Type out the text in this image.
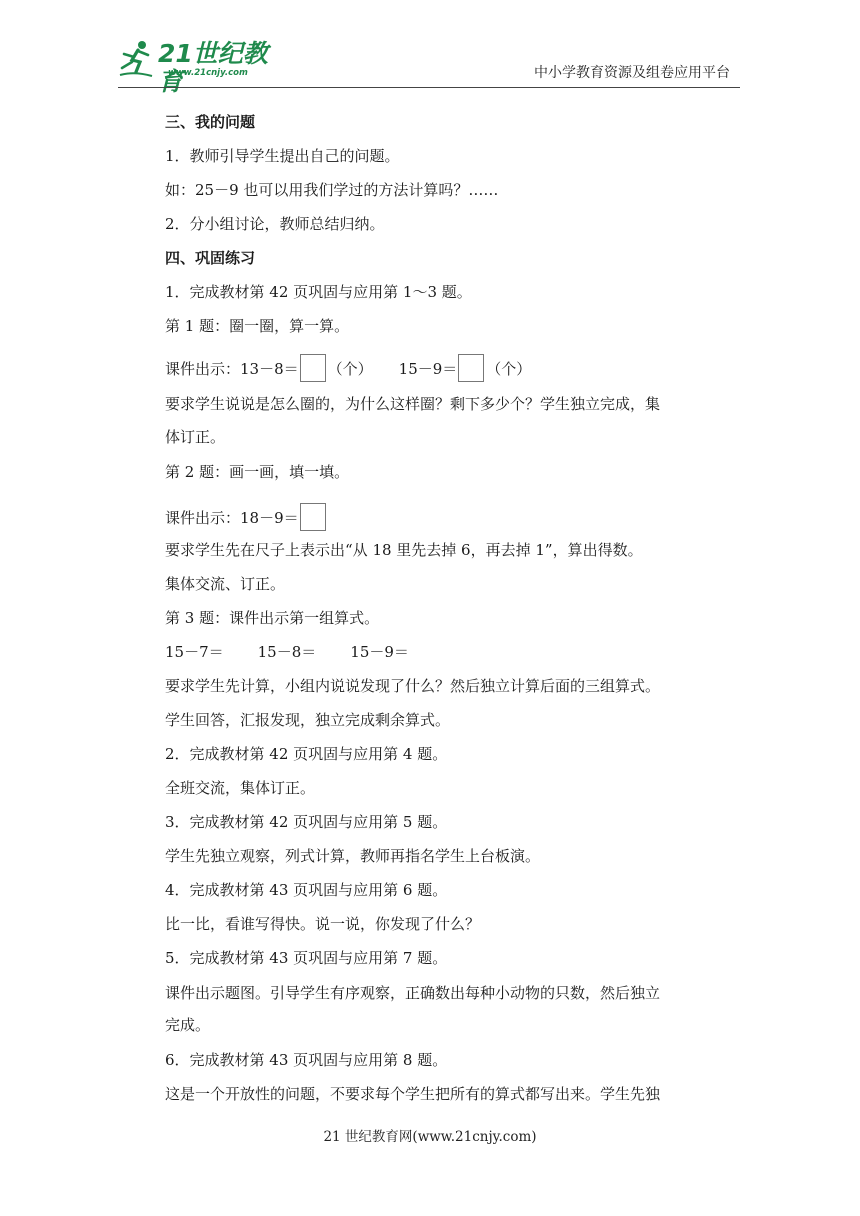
21世纪教育
www.21cnjy.com	中小学教育资源及组卷应用平台
三、我的问题
1．教师引导学生提出自己的问题。
如：25－9 也可以用我们学过的方法计算吗？……
2．分小组讨论，教师总结归纳。
四、巩固练习
1．完成教材第 42 页巩固与应用第 1～3 题。
第 1 题：圈一圈，算一算。
课件出示：13－8＝ （个） 15－9＝ （个）
要求学生说说是怎么圈的，为什么这样圈？剩下多少个？学生独立完成，集
体订正。
第 2 题：画一画，填一填。
课件出示：18－9＝
要求学生先在尺子上表示出“从 18 里先去掉 6，再去掉 1”，算出得数。
集体交流、订正。
第 3 题：课件出示第一组算式。
15－7＝ 15－8＝ 15－9＝
要求学生先计算，小组内说说发现了什么？然后独立计算后面的三组算式。
学生回答，汇报发现，独立完成剩余算式。
2．完成教材第 42 页巩固与应用第 4 题。
全班交流，集体订正。
3．完成教材第 42 页巩固与应用第 5 题。
学生先独立观察，列式计算，教师再指名学生上台板演。
4．完成教材第 43 页巩固与应用第 6 题。
比一比，看谁写得快。说一说，你发现了什么？
5．完成教材第 43 页巩固与应用第 7 题。
课件出示题图。引导学生有序观察，正确数出每种小动物的只数，然后独立
完成。
6．完成教材第 43 页巩固与应用第 8 题。
这是一个开放性的问题，不要求每个学生把所有的算式都写出来。学生先独
21 世纪教育网(www.21cnjy.com)
